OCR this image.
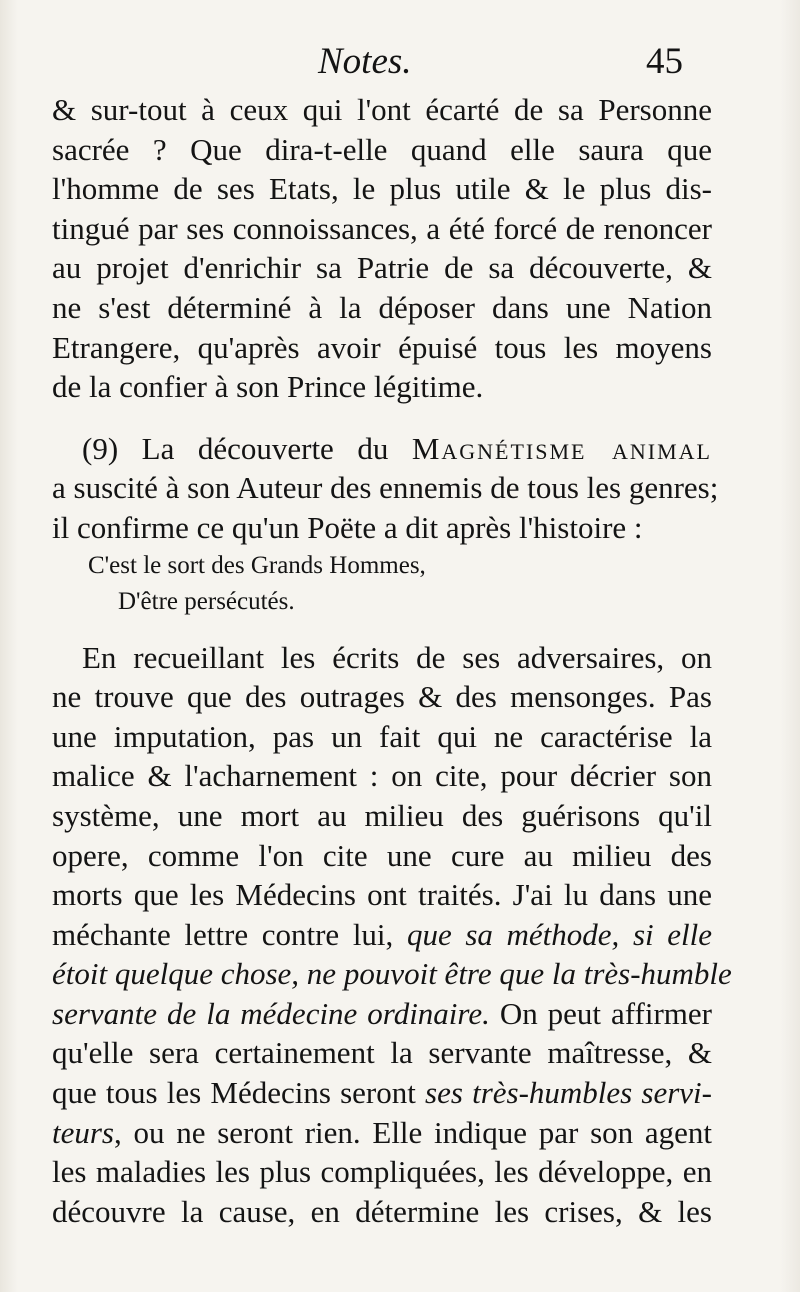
Notes.	45
& sur-tout à ceux qui l'ont écarté de sa Personne
sacrée ? Que dira-t-elle quand elle saura que
l'homme de ses Etats, le plus utile & le plus dis-
tingué par ses connoissances, a été forcé de renoncer
au projet d'enrichir sa Patrie de sa découverte, &
ne s'est déterminé à la déposer dans une Nation
Etrangere, qu'après avoir épuisé tous les moyens
de la confier à son Prince légitime.
(9) La découverte du Magnétisme animal
a suscité à son Auteur des ennemis de tous les genres;
il confirme ce qu'un Poëte a dit après l'histoire :
C'est le sort des Grands Hommes,
D'être persécutés.
En recueillant les écrits de ses adversaires, on
ne trouve que des outrages & des mensonges. Pas
une imputation, pas un fait qui ne caractérise la
malice & l'acharnement : on cite, pour décrier son
système, une mort au milieu des guérisons qu'il
opere, comme l'on cite une cure au milieu des
morts que les Médecins ont traités. J'ai lu dans une
méchante lettre contre lui, que sa méthode, si elle
étoit quelque chose, ne pouvoit être que la très-humble
servante de la médecine ordinaire. On peut affirmer
qu'elle sera certainement la servante maîtresse, &
que tous les Médecins seront ses très-humbles servi-
teurs, ou ne seront rien. Elle indique par son agent
les maladies les plus compliquées, les développe, en
découvre la cause, en détermine les crises, & les
